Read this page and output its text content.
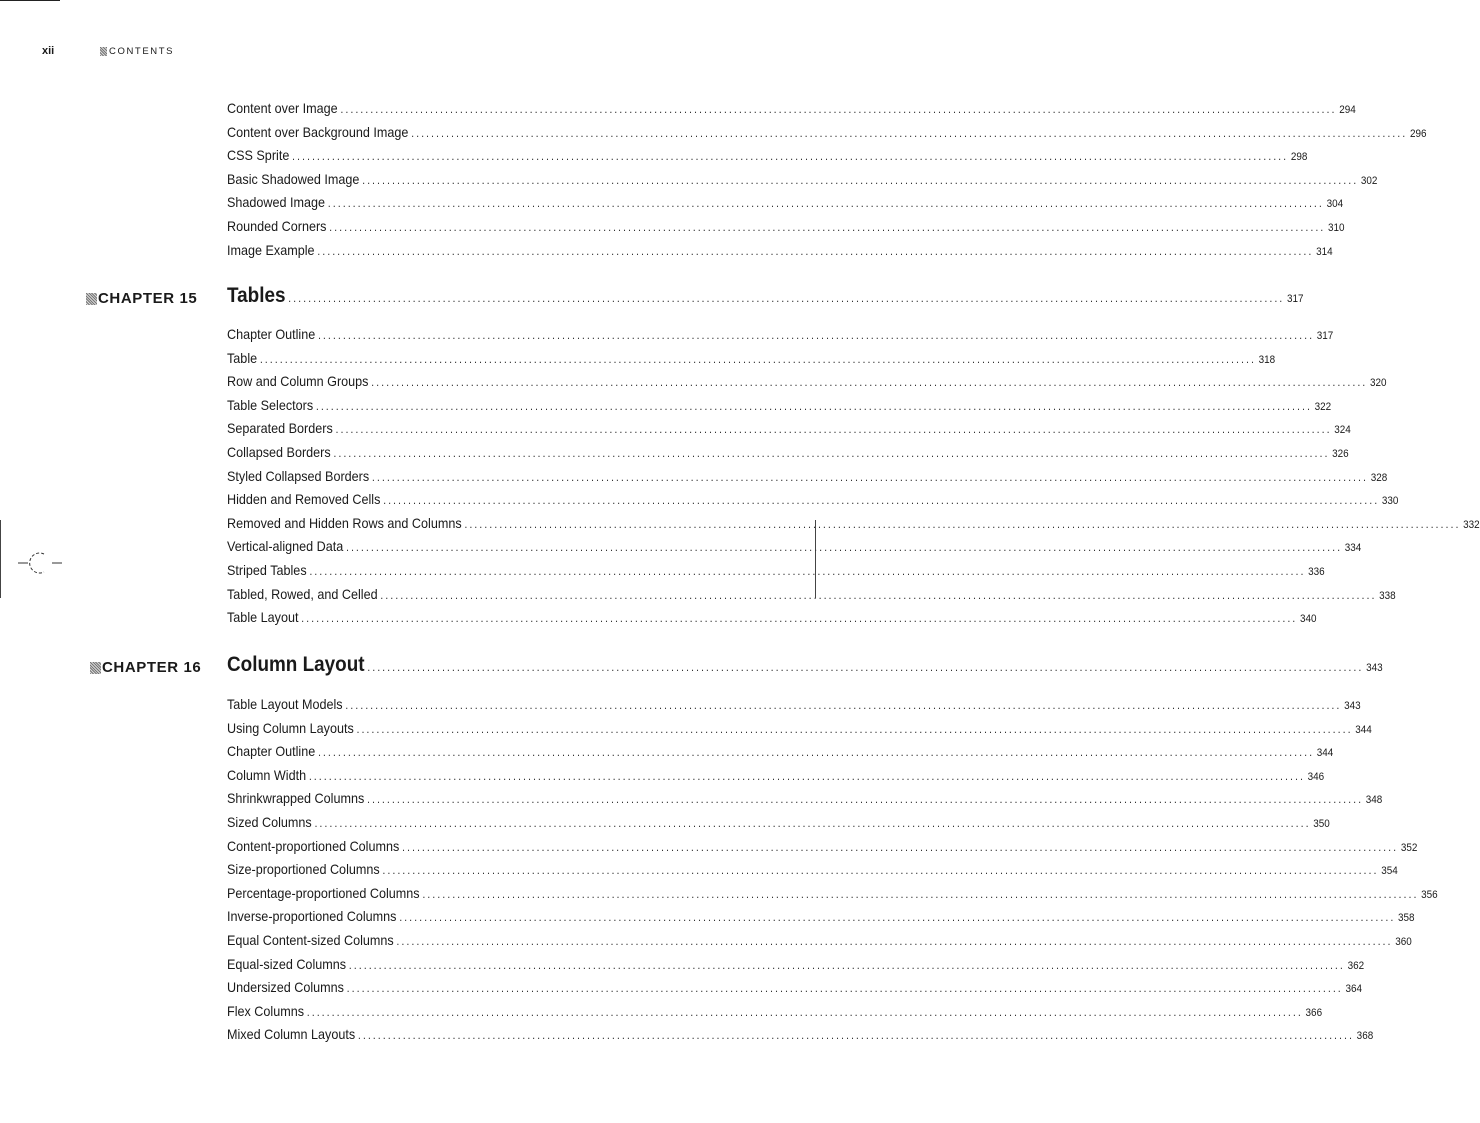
xii	CONTENTS
Content over Image ........................................................................................................................................................................................................ 294
Content over Background Image ........................................................................................................................................................................................................ 296
CSS Sprite ........................................................................................................................................................................................................ 298
Basic Shadowed Image ........................................................................................................................................................................................................ 302
Shadowed Image ........................................................................................................................................................................................................ 304
Rounded Corners ........................................................................................................................................................................................................ 310
Image Example ........................................................................................................................................................................................................ 314
CHAPTER 15 Tables ........................................................................................................................................................................................................ 317
Chapter Outline ........................................................................................................................................................................................................ 317
Table ........................................................................................................................................................................................................ 318
Row and Column Groups ........................................................................................................................................................................................................ 320
Table Selectors ........................................................................................................................................................................................................ 322
Separated Borders ........................................................................................................................................................................................................ 324
Collapsed Borders ........................................................................................................................................................................................................ 326
Styled Collapsed Borders ........................................................................................................................................................................................................ 328
Hidden and Removed Cells ........................................................................................................................................................................................................ 330
Removed and Hidden Rows and Columns ........................................................................................................................................................................................................ 332
Vertical-aligned Data ........................................................................................................................................................................................................ 334
Striped Tables ........................................................................................................................................................................................................ 336
Tabled, Rowed, and Celled ........................................................................................................................................................................................................ 338
Table Layout ........................................................................................................................................................................................................ 340
CHAPTER 16 Column Layout ........................................................................................................................................................................................................ 343
Table Layout Models ........................................................................................................................................................................................................ 343
Using Column Layouts ........................................................................................................................................................................................................ 344
Chapter Outline ........................................................................................................................................................................................................ 344
Column Width ........................................................................................................................................................................................................ 346
Shrinkwrapped Columns ........................................................................................................................................................................................................ 348
Sized Columns ........................................................................................................................................................................................................ 350
Content-proportioned Columns ........................................................................................................................................................................................................ 352
Size-proportioned Columns ........................................................................................................................................................................................................ 354
Percentage-proportioned Columns ........................................................................................................................................................................................................ 356
Inverse-proportioned Columns ........................................................................................................................................................................................................ 358
Equal Content-sized Columns ........................................................................................................................................................................................................ 360
Equal-sized Columns ........................................................................................................................................................................................................ 362
Undersized Columns ........................................................................................................................................................................................................ 364
Flex Columns ........................................................................................................................................................................................................ 366
Mixed Column Layouts ........................................................................................................................................................................................................ 368
